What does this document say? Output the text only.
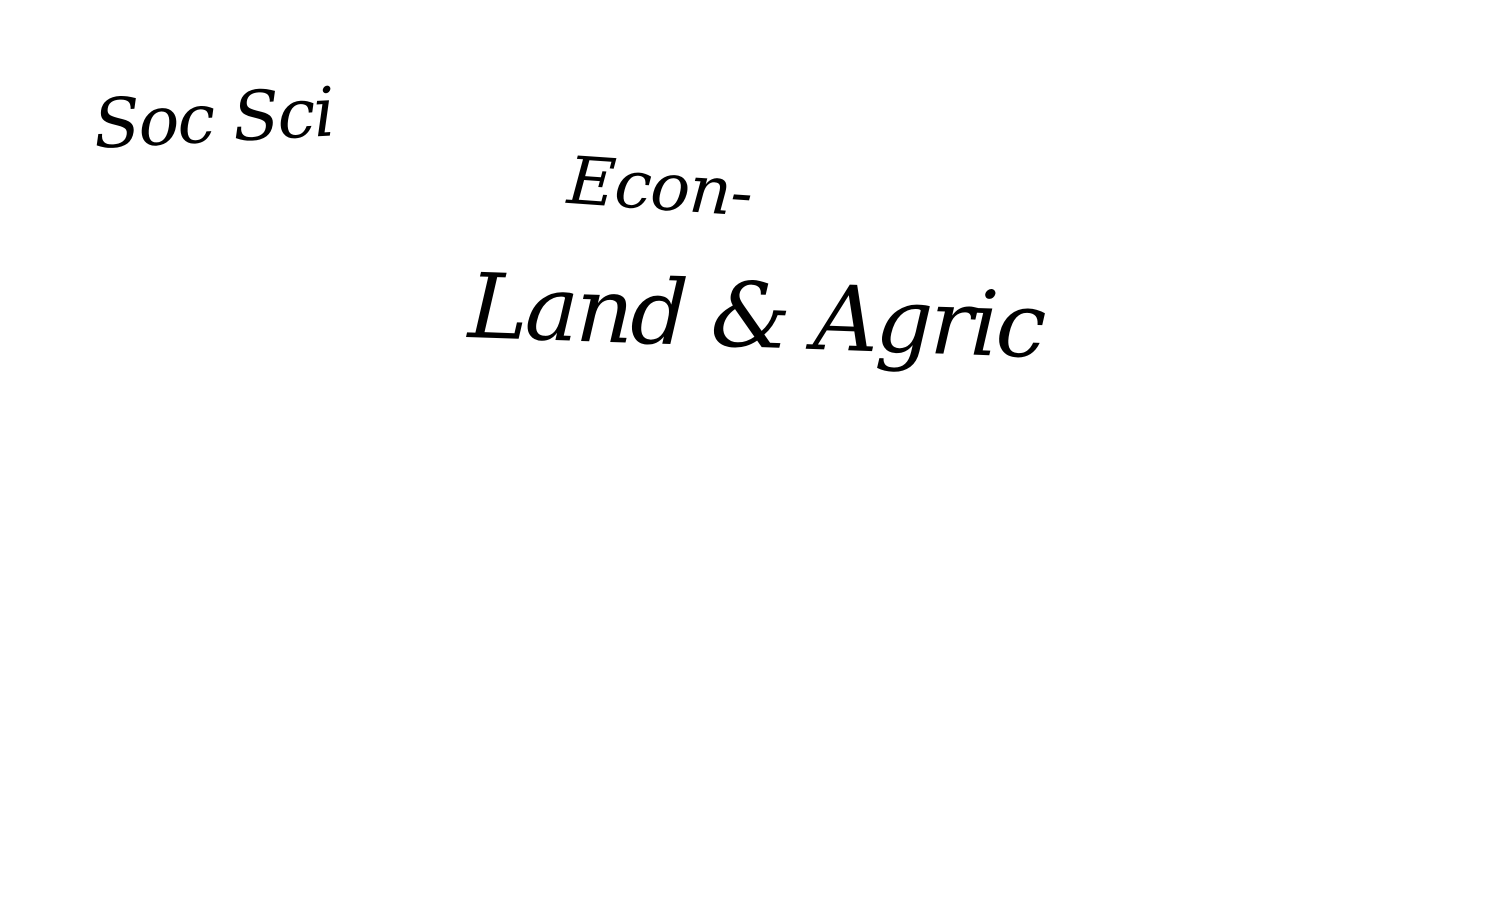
Soc Sci

Econ-

Land & Agric
